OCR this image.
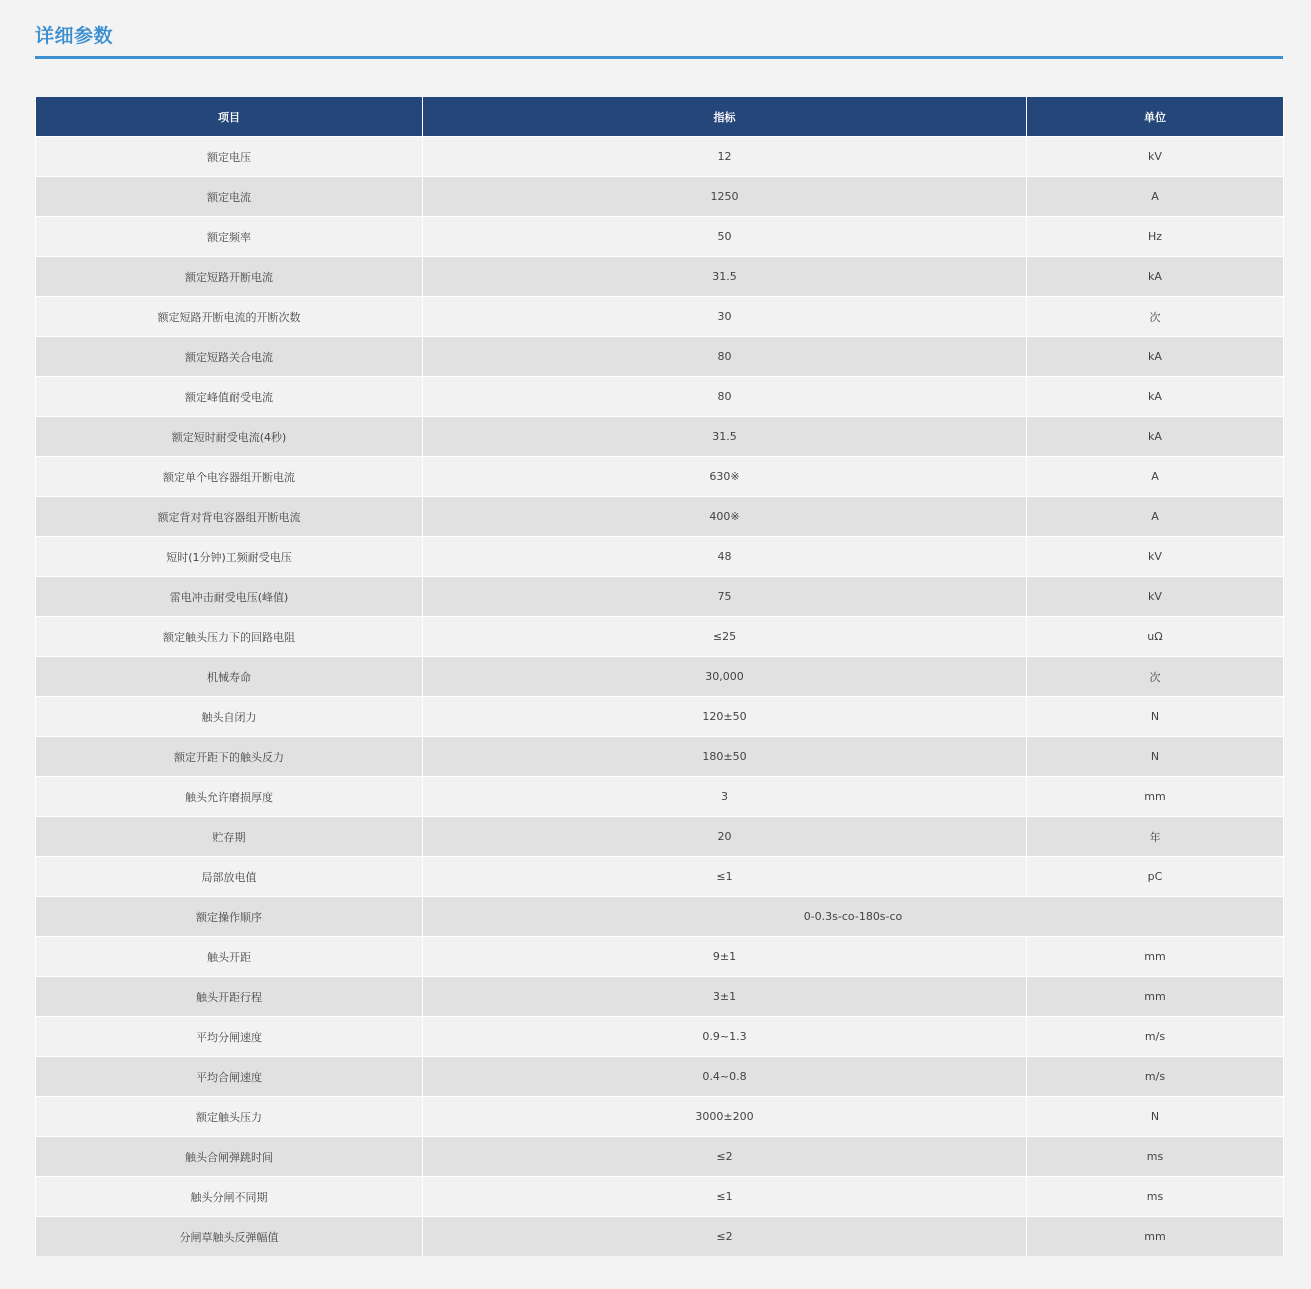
详细参数
项目	指标	单位
额定电压	12	kV
额定电流	1250	A
额定频率	50	Hz
额定短路开断电流	31.5	kA
额定短路开断电流的开断次数	30	次
额定短路关合电流	80	kA
额定峰值耐受电流	80	kA
额定短时耐受电流(4秒)	31.5	kA
额定单个电容器组开断电流	630※	A
额定背对背电容器组开断电流	400※	A
短时(1分钟)工频耐受电压	48	kV
雷电冲击耐受电压(峰值)	75	kV
额定触头压力下的回路电阻	≤25	uΩ
机械寿命	30,000	次
触头自闭力	120±50	N
额定开距下的触头反力	180±50	N
触头允许磨损厚度	3	mm
贮存期	20	年
局部放电值	≤1	pC
额定操作顺序	0-0.3s-co-180s-co	
触头开距	9±1	mm
触头开距行程	3±1	mm
平均分闸速度	0.9~1.3	m/s
平均合闸速度	0.4~0.8	m/s
额定触头压力	3000±200	N
触头合闸弹跳时间	≤2	ms
触头分闸不同期	≤1	ms
分闸草触头反弹幅值	≤2	mm
